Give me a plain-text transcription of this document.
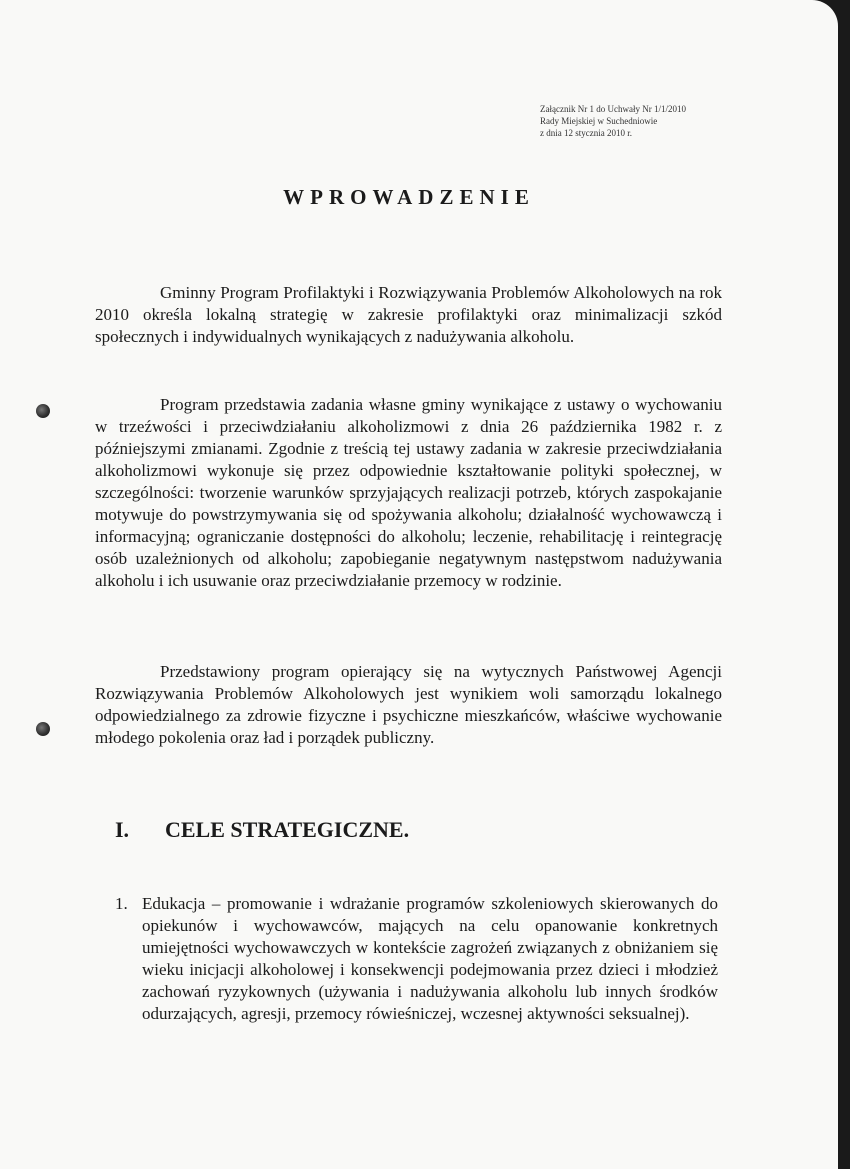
Załącznik Nr 1 do Uchwały Nr 1/1/2010
Rady Miejskiej w Suchedniowie
z dnia 12 stycznia 2010 r.
WPROWADZENIE

Gminny Program Profilaktyki i Rozwiązywania Problemów Alkoholowych na rok 2010 określa lokalną strategię w zakresie profilaktyki oraz minimalizacji szkód społecznych i indywidualnych wynikających z nadużywania alkoholu.

Program przedstawia zadania własne gminy wynikające z ustawy o wychowaniu w trzeźwości i przeciwdziałaniu alkoholizmowi z dnia 26 października 1982 r. z późniejszymi zmianami. Zgodnie z treścią tej ustawy zadania w zakresie przeciwdziałania alkoholizmowi wykonuje się przez odpowiednie kształtowanie polityki społecznej, w szczególności: tworzenie warunków sprzyjających realizacji potrzeb, których zaspokajanie motywuje do powstrzymywania się od spożywania alkoholu; działalność wychowawczą i informacyjną; ograniczanie dostępności do alkoholu; leczenie, rehabilitację i reintegrację osób uzależnionych od alkoholu; zapobieganie negatywnym następstwom nadużywania alkoholu i ich usuwanie oraz przeciwdziałanie przemocy w rodzinie.

Przedstawiony program opierający się na wytycznych Państwowej Agencji Rozwiązywania Problemów Alkoholowych jest wynikiem woli samorządu lokalnego odpowiedzialnego za zdrowie fizyczne i psychiczne mieszkańców, właściwe wychowanie młodego pokolenia oraz ład i porządek publiczny.

I. CELE STRATEGICZNE.
1. Edukacja – promowanie i wdrażanie programów szkoleniowych skierowanych do opiekunów i wychowawców, mających na celu opanowanie konkretnych umiejętności wychowawczych w kontekście zagrożeń związanych z obniżaniem się wieku inicjacji alkoholowej i konsekwencji podejmowania przez dzieci i młodzież zachowań ryzykownych (używania i nadużywania alkoholu lub innych środków odurzających, agresji, przemocy rówieśniczej, wczesnej aktywności seksualnej).
